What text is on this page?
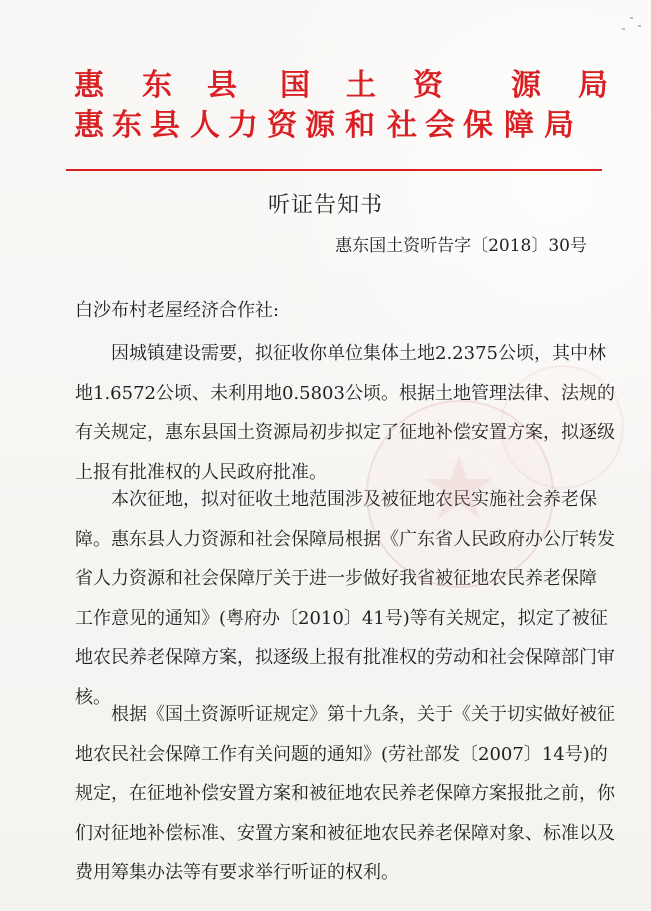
惠 东 县 国 土 资 源 局
惠 东 县 人 力 资 源 和 社 会 保 障 局
听证告知书
惠东国土资听告字〔2018〕30号
白沙布村老屋经济合作社:
因城镇建设需要，拟征收你单位集体土地2.2375公顷，其中林
地1.6572公顷、未利用地0.5803公顷。根据土地管理法律、法规的
有关规定，惠东县国土资源局初步拟定了征地补偿安置方案，拟逐级
上报有批准权的人民政府批准。
本次征地，拟对征收土地范围涉及被征地农民实施社会养老保
障。惠东县人力资源和社会保障局根据《广东省人民政府办公厅转发
省人力资源和社会保障厅关于进一步做好我省被征地农民养老保障
工作意见的通知》(粤府办〔2010〕41号)等有关规定，拟定了被征
地农民养老保障方案，拟逐级上报有批准权的劳动和社会保障部门审
核。
根据《国土资源听证规定》第十九条，关于《关于切实做好被征
地农民社会保障工作有关问题的通知》(劳社部发〔2007〕14号)的
规定，在征地补偿安置方案和被征地农民养老保障方案报批之前，你
们对征地补偿标准、安置方案和被征地农民养老保障对象、标准以及
费用筹集办法等有要求举行听证的权利。
